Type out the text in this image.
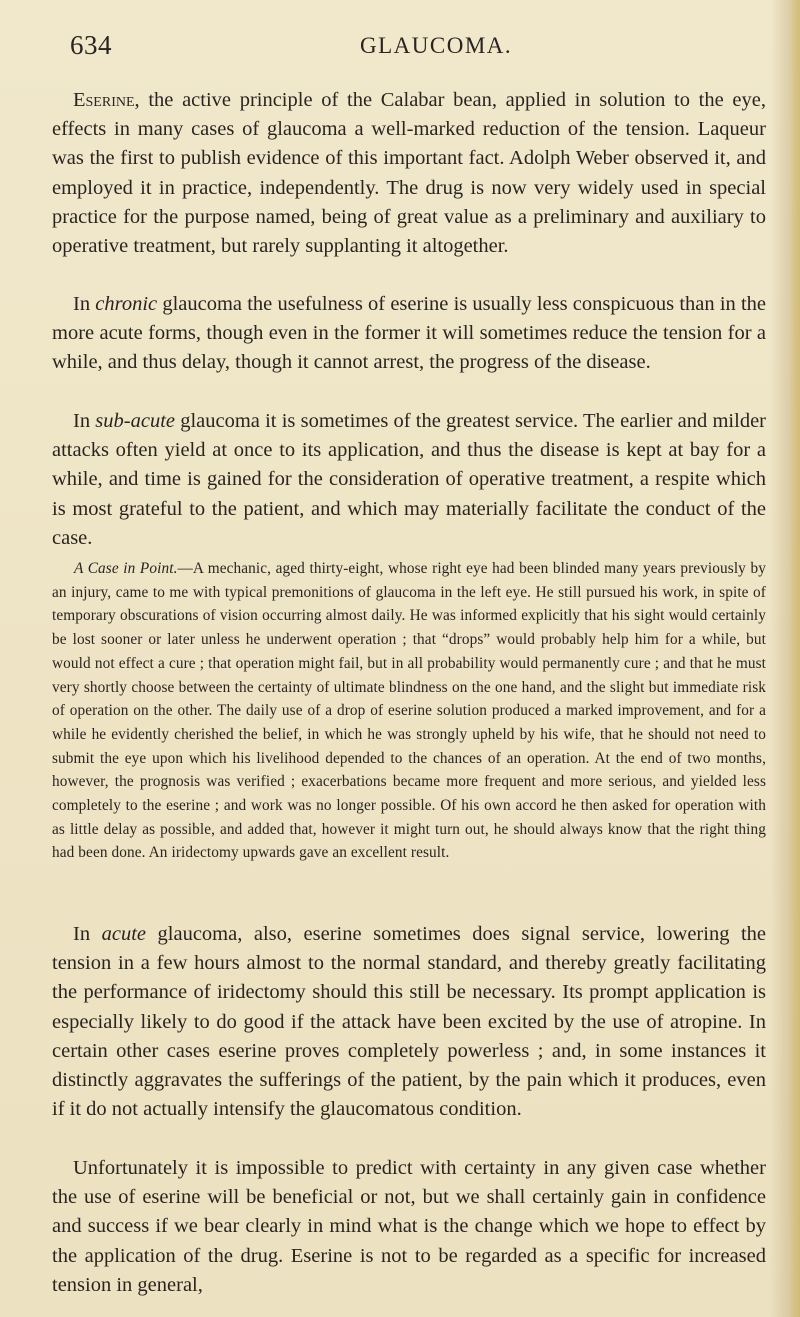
634	GLAUCOMA.

Eserine, the active principle of the Calabar bean, applied in solution to the eye, effects in many cases of glaucoma a well-marked reduction of the tension. Laqueur was the first to publish evidence of this important fact. Adolph Weber observed it, and employed it in practice, independently. The drug is now very widely used in special practice for the purpose named, being of great value as a preliminary and auxiliary to operative treatment, but rarely supplanting it altogether.

In chronic glaucoma the usefulness of eserine is usually less conspicuous than in the more acute forms, though even in the former it will sometimes reduce the tension for a while, and thus delay, though it cannot arrest, the progress of the disease.

In sub-acute glaucoma it is sometimes of the greatest service. The earlier and milder attacks often yield at once to its application, and thus the disease is kept at bay for a while, and time is gained for the consideration of operative treatment, a respite which is most grateful to the patient, and which may materially facilitate the conduct of the case.

A Case in Point.—A mechanic, aged thirty-eight, whose right eye had been blinded many years previously by an injury, came to me with typical premonitions of glaucoma in the left eye. He still pursued his work, in spite of temporary obscurations of vision occurring almost daily. He was informed explicitly that his sight would certainly be lost sooner or later unless he underwent operation ; that “drops” would probably help him for a while, but would not effect a cure ; that operation might fail, but in all probability would permanently cure ; and that he must very shortly choose between the certainty of ultimate blindness on the one hand, and the slight but immediate risk of operation on the other. The daily use of a drop of eserine solution produced a marked improvement, and for a while he evidently cherished the belief, in which he was strongly upheld by his wife, that he should not need to submit the eye upon which his livelihood depended to the chances of an operation. At the end of two months, however, the prognosis was verified ; exacerbations became more frequent and more serious, and yielded less completely to the eserine ; and work was no longer possible. Of his own accord he then asked for operation with as little delay as possible, and added that, however it might turn out, he should always know that the right thing had been done. An iridectomy upwards gave an excellent result.

In acute glaucoma, also, eserine sometimes does signal service, lowering the tension in a few hours almost to the normal standard, and thereby greatly facilitating the performance of iridectomy should this still be necessary. Its prompt application is especially likely to do good if the attack have been excited by the use of atropine. In certain other cases eserine proves completely powerless ; and, in some instances it distinctly aggravates the sufferings of the patient, by the pain which it produces, even if it do not actually intensify the glaucomatous condition.

Unfortunately it is impossible to predict with certainty in any given case whether the use of eserine will be beneficial or not, but we shall certainly gain in confidence and success if we bear clearly in mind what is the change which we hope to effect by the application of the drug. Eserine is not to be regarded as a specific for increased tension in general,
